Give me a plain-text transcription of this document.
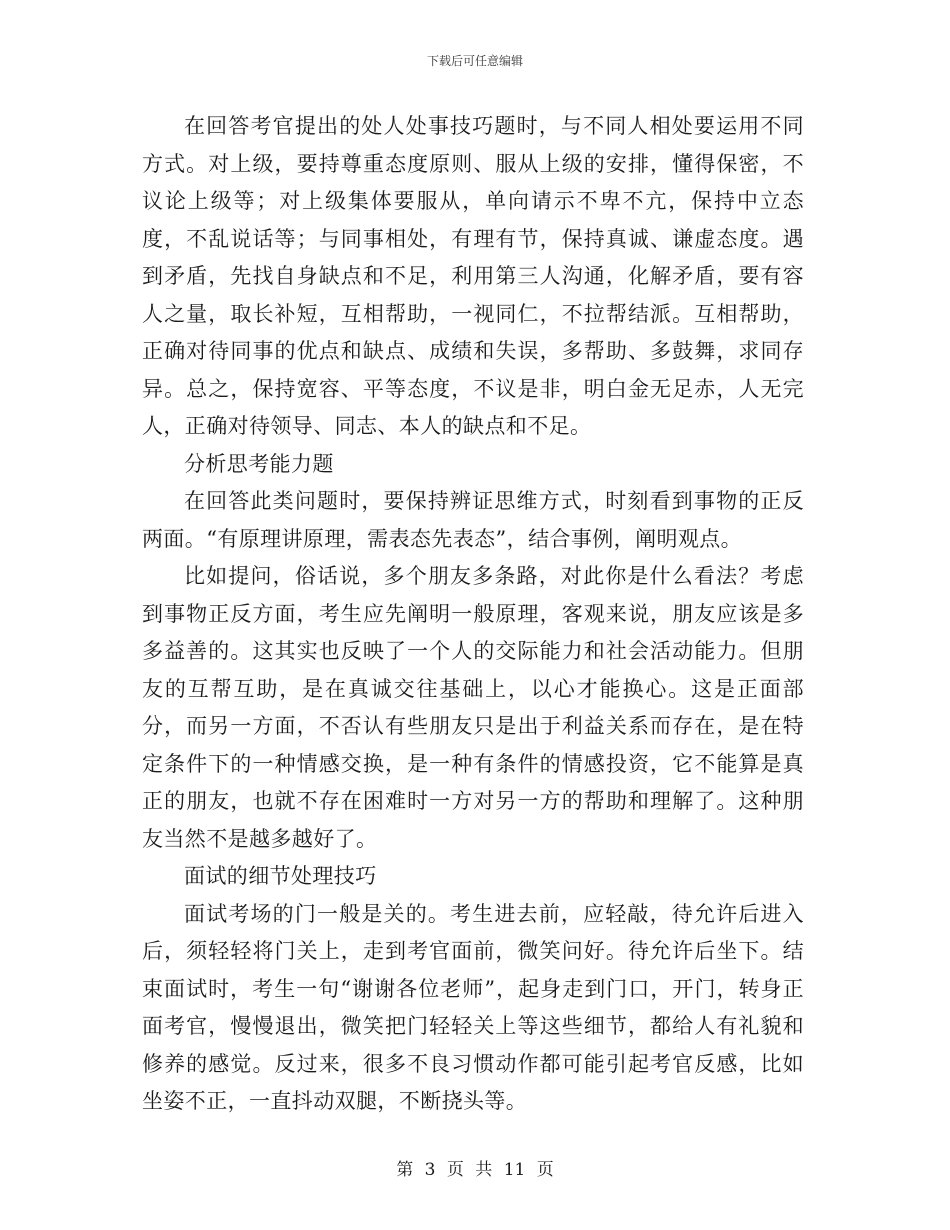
下载后可任意编辑

在回答考官提出的处人处事技巧题时，与不同人相处要运用不同方式。对上级，要持尊重态度原则、服从上级的安排，懂得保密，不议论上级等；对上级集体要服从，单向请示不卑不亢，保持中立态度，不乱说话等；与同事相处，有理有节，保持真诚、谦虚态度。遇到矛盾，先找自身缺点和不足，利用第三人沟通，化解矛盾，要有容人之量，取长补短，互相帮助，一视同仁，不拉帮结派。互相帮助，正确对待同事的优点和缺点、成绩和失误，多帮助、多鼓舞，求同存异。总之，保持宽容、平等态度，不议是非，明白金无足赤，人无完人，正确对待领导、同志、本人的缺点和不足。

分析思考能力题

在回答此类问题时，要保持辨证思维方式，时刻看到事物的正反两面。“有原理讲原理，需表态先表态”，结合事例，阐明观点。

比如提问，俗话说，多个朋友多条路，对此你是什么看法？考虑到事物正反方面，考生应先阐明一般原理，客观来说，朋友应该是多多益善的。这其实也反映了一个人的交际能力和社会活动能力。但朋友的互帮互助，是在真诚交往基础上，以心才能换心。这是正面部分，而另一方面，不否认有些朋友只是出于利益关系而存在，是在特定条件下的一种情感交换，是一种有条件的情感投资，它不能算是真正的朋友，也就不存在困难时一方对另一方的帮助和理解了。这种朋友当然不是越多越好了。

面试的细节处理技巧

面试考场的门一般是关的。考生进去前，应轻敲，待允许后进入后，须轻轻将门关上，走到考官面前，微笑问好。待允许后坐下。结束面试时，考生一句“谢谢各位老师”，起身走到门口，开门，转身正面考官，慢慢退出，微笑把门轻轻关上等这些细节，都给人有礼貌和修养的感觉。反过来，很多不良习惯动作都可能引起考官反感，比如坐姿不正，一直抖动双腿，不断挠头等。

第 3 页 共 11 页
